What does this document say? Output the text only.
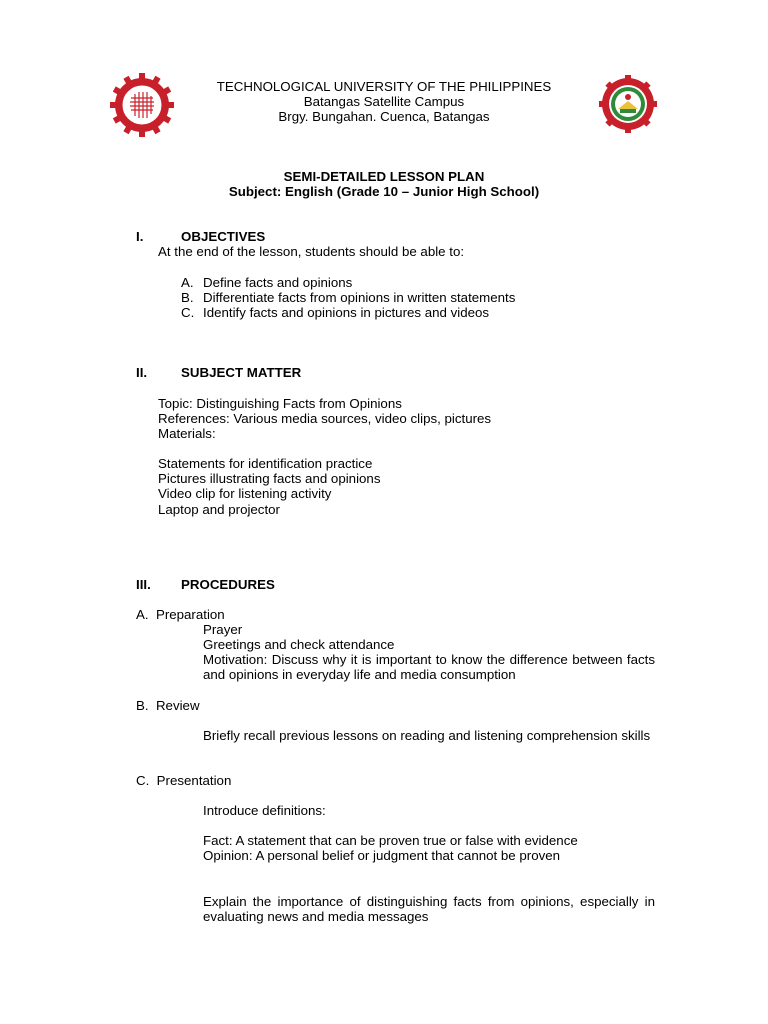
TECHNOLOGICAL UNIVERSITY OF THE PHILIPPINES
Batangas Satellite Campus
Brgy. Bungahan. Cuenca, Batangas
SEMI-DETAILED LESSON PLAN
Subject: English (Grade 10 – Junior High School)
I.	OBJECTIVES
At the end of the lesson, students should be able to:
A. Define facts and opinions
B. Differentiate facts from opinions in written statements
C. Identify facts and opinions in pictures and videos
II.	SUBJECT MATTER
Topic: Distinguishing Facts from Opinions
References: Various media sources, video clips, pictures
Materials:
Statements for identification practice
Pictures illustrating facts and opinions
Video clip for listening activity
Laptop and projector
III. PROCEDURES
A.  Preparation
Prayer
Greetings and check attendance
Motivation: Discuss why it is important to know the difference between facts and opinions in everyday life and media consumption
B.  Review
Briefly recall previous lessons on reading and listening comprehension skills
C.  Presentation
Introduce definitions:
Fact: A statement that can be proven true or false with evidence
Opinion: A personal belief or judgment that cannot be proven
Explain the importance of distinguishing facts from opinions, especially in evaluating news and media messages
